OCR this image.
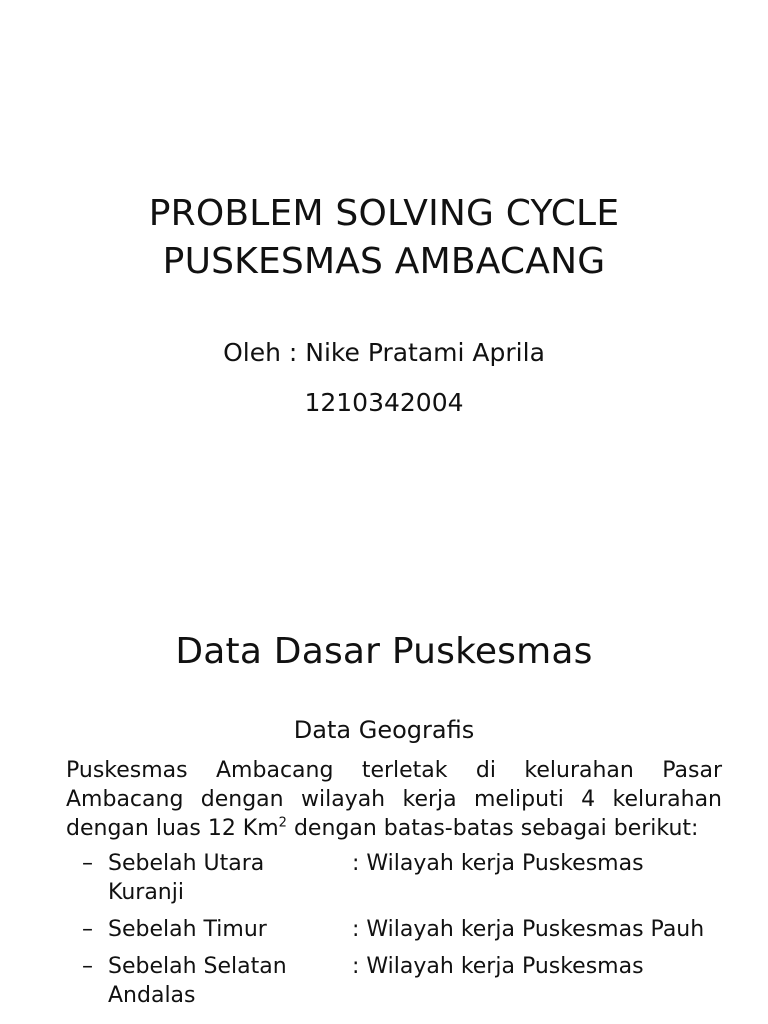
PROBLEM SOLVING CYCLE
PUSKESMAS AMBACANG
Oleh : Nike Pratami Aprila
1210342004
Data Dasar Puskesmas
Data Geografis
Puskesmas Ambacang terletak di kelurahan Pasar Ambacang dengan wilayah kerja meliputi 4 kelurahan dengan luas 12 Km$^2$ dengan batas-batas sebagai berikut:
– Sebelah Utara	: Wilayah kerja Puskesmas
Kuranji
– Sebelah Timur	: Wilayah kerja Puskesmas Pauh
– Sebelah Selatan	: Wilayah kerja Puskesmas
Andalas
